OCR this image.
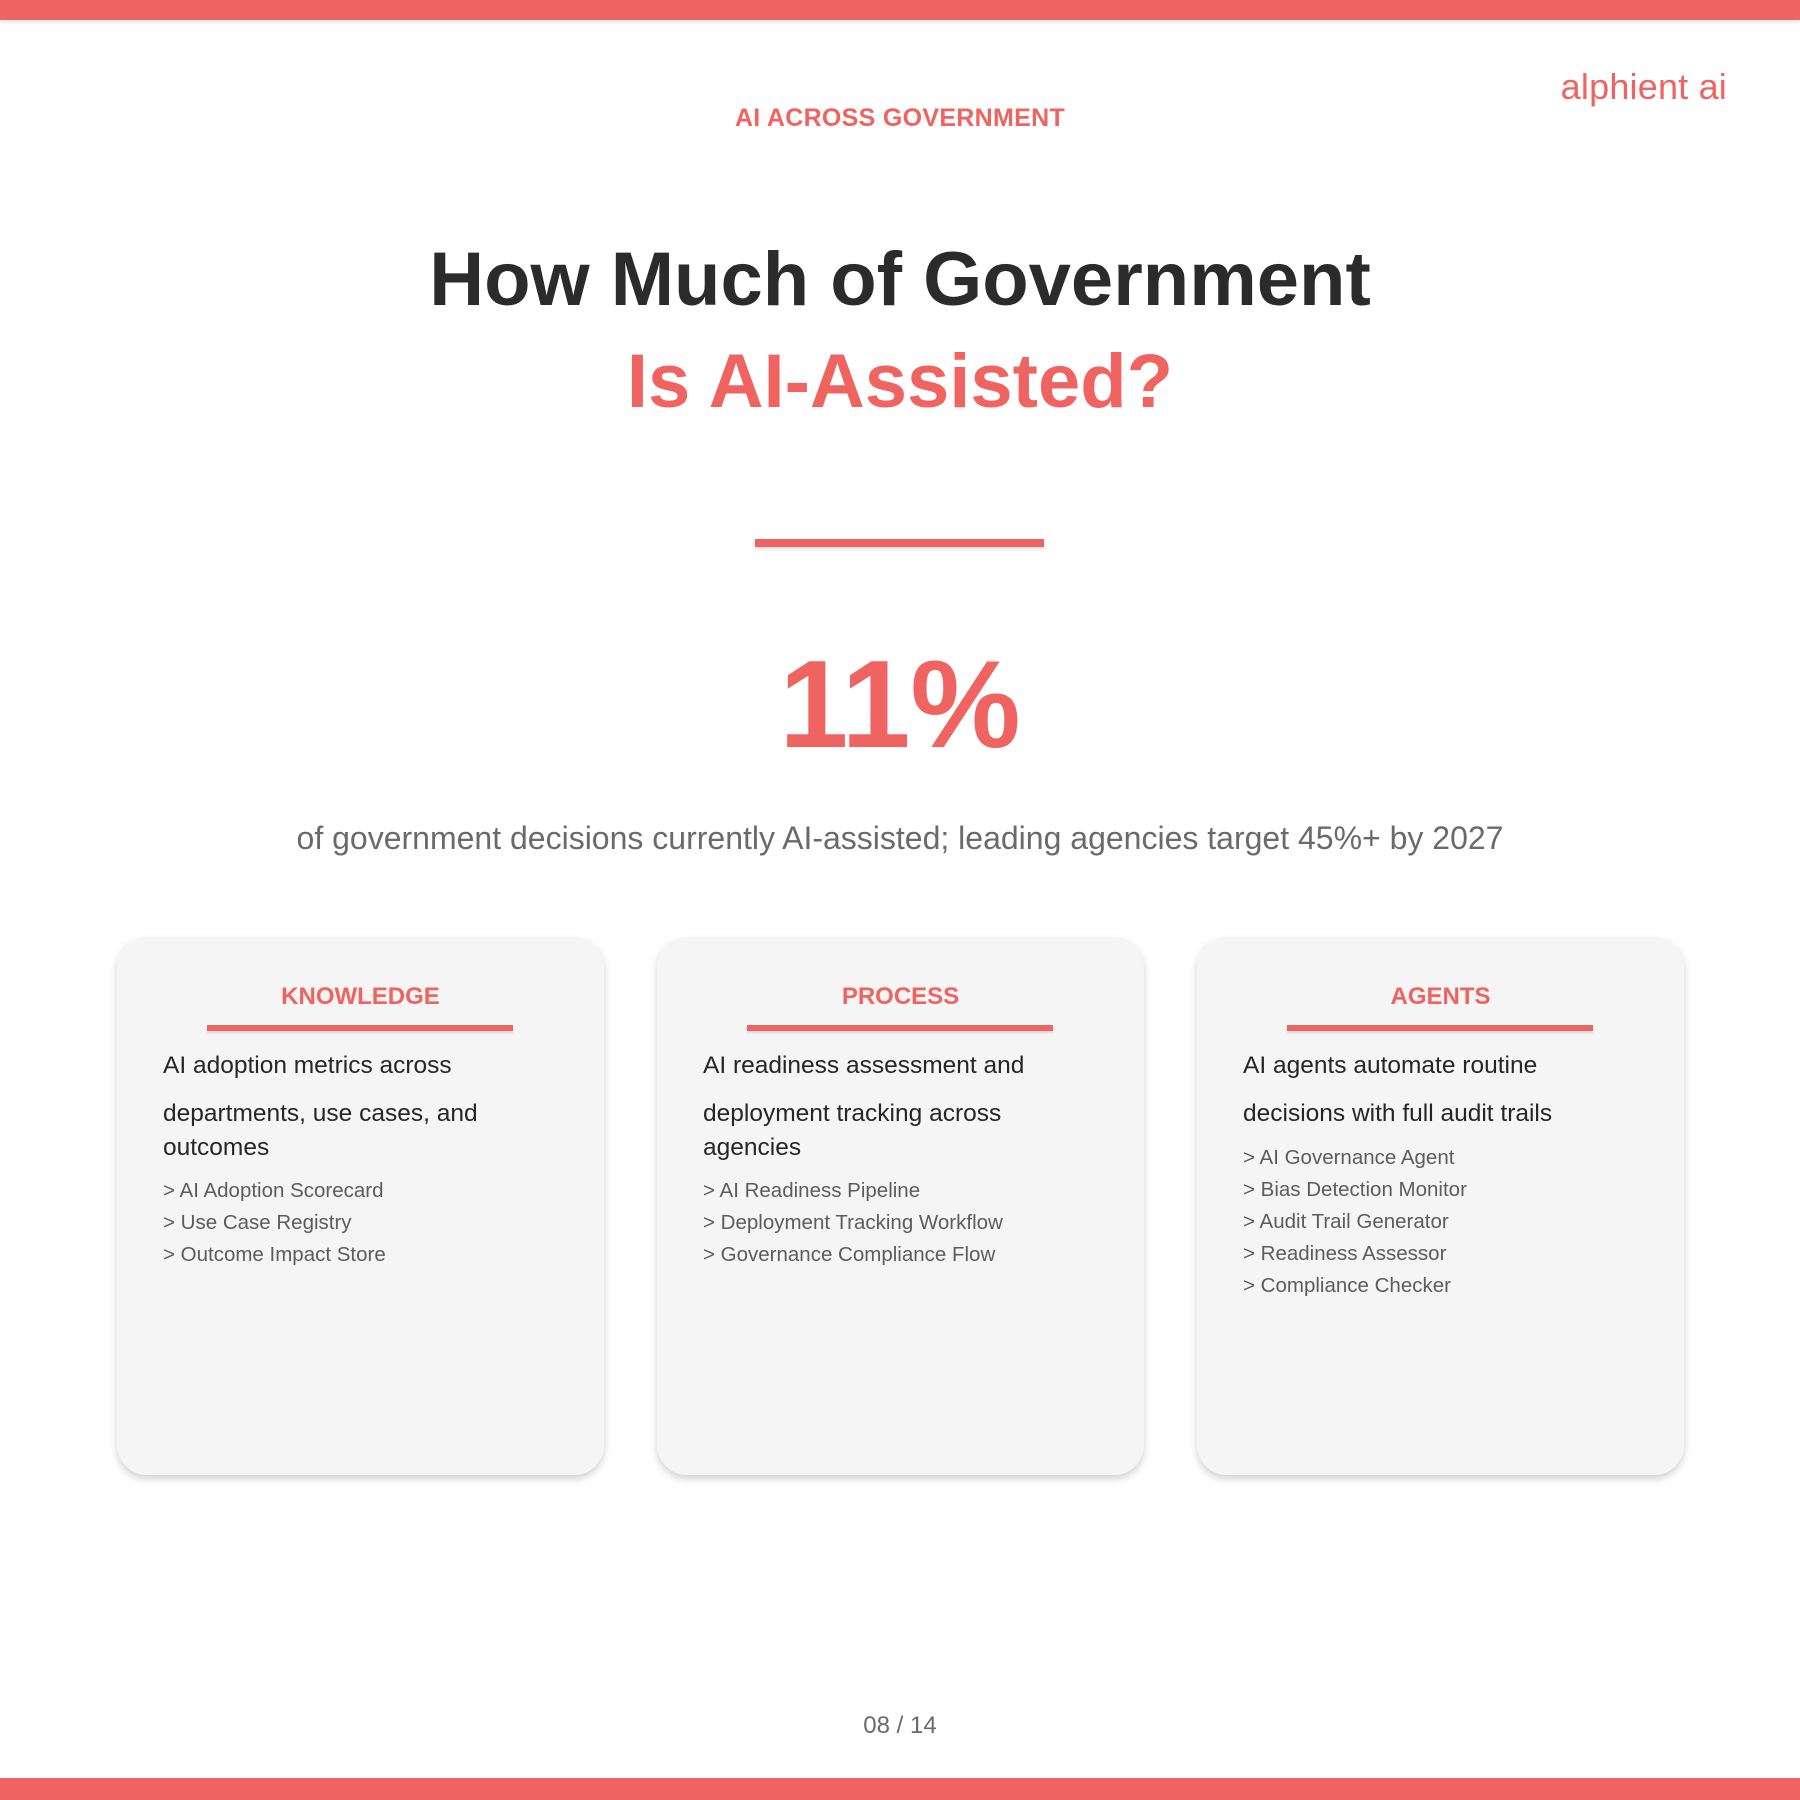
alphient ai
AI ACROSS GOVERNMENT
How Much of Government
Is AI-Assisted?
11%
of government decisions currently AI-assisted; leading agencies target 45%+ by 2027
KNOWLEDGE
AI adoption metrics across
departments, use cases, and outcomes
> AI Adoption Scorecard
> Use Case Registry
> Outcome Impact Store
PROCESS
AI readiness assessment and
deployment tracking across agencies
> AI Readiness Pipeline
> Deployment Tracking Workflow
> Governance Compliance Flow
AGENTS
AI agents automate routine
decisions with full audit trails
> AI Governance Agent
> Bias Detection Monitor
> Audit Trail Generator
> Readiness Assessor
> Compliance Checker
08 / 14
